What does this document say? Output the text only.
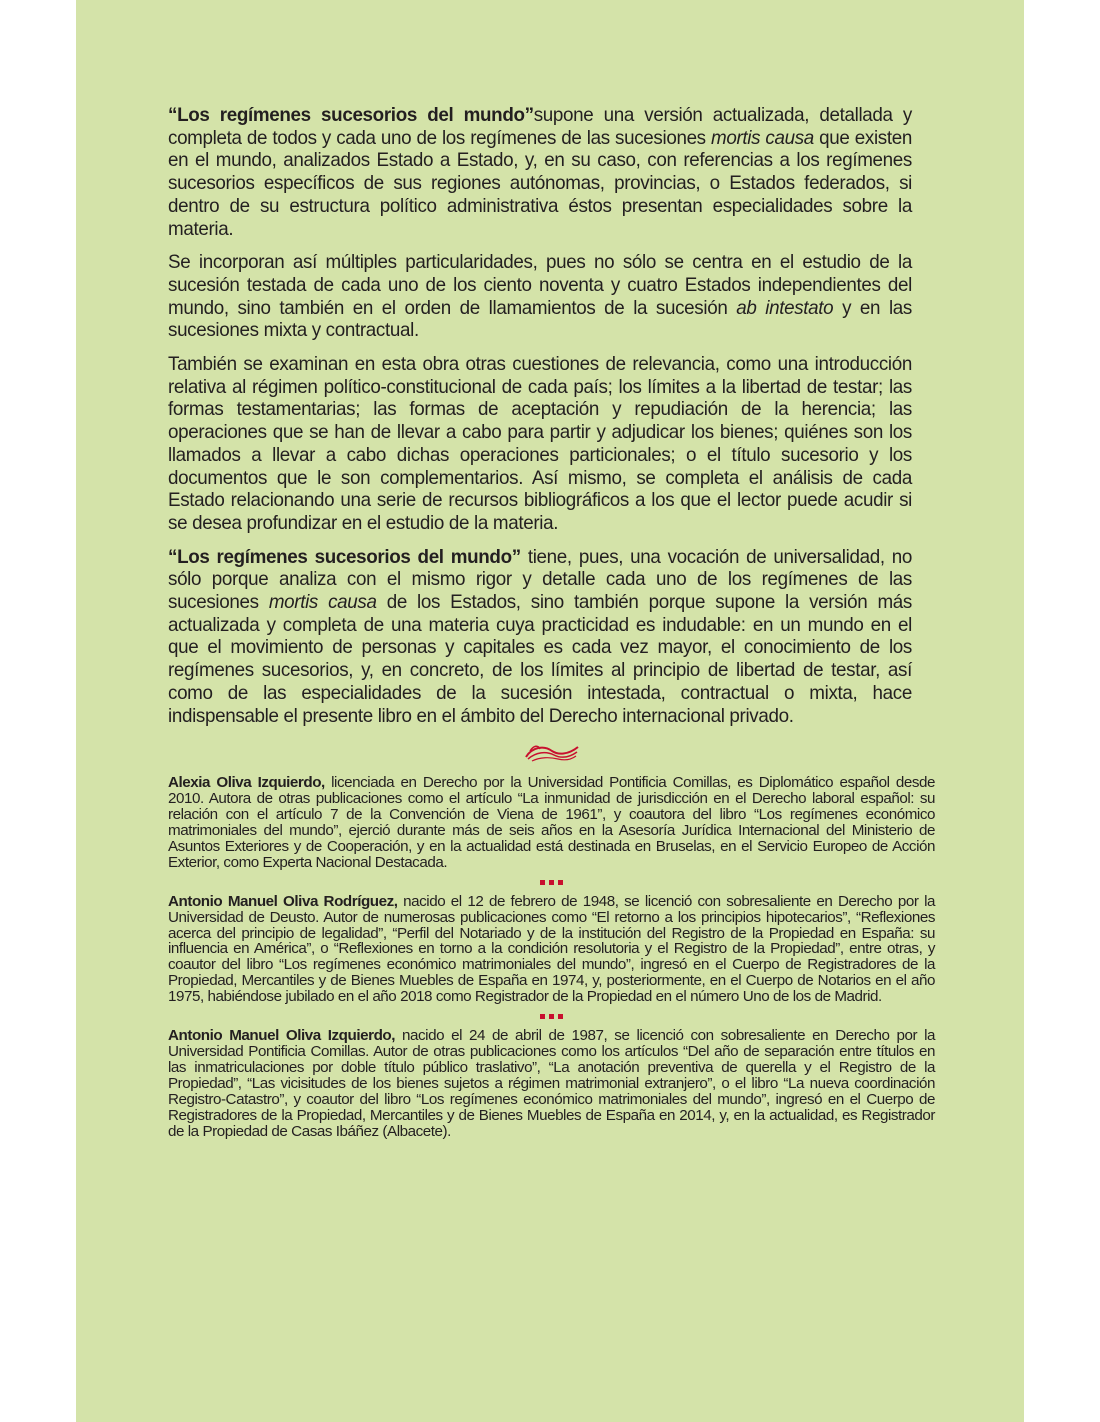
“Los regímenes sucesorios del mundo”supone una versión actualizada, detallada y completa de todos y cada uno de los regímenes de las sucesiones mortis causa que existen en el mundo, analizados Estado a Estado, y, en su caso, con referencias a los regímenes sucesorios específicos de sus regiones autónomas, provincias, o Estados federados, si dentro de su estructura político administrativa éstos presentan especialidades sobre la materia.

Se incorporan así múltiples particularidades, pues no sólo se centra en el estudio de la sucesión testada de cada uno de los ciento noventa y cuatro Estados independientes del mundo, sino también en el orden de llamamientos de la sucesión ab intestato y en las sucesiones mixta y contractual.

También se examinan en esta obra otras cuestiones de relevancia, como una introducción relativa al régimen político-constitucional de cada país; los límites a la libertad de testar; las formas testamentarias; las formas de aceptación y repudiación de la herencia; las operaciones que se han de llevar a cabo para partir y adjudicar los bienes; quiénes son los llamados a llevar a cabo dichas operaciones particionales; o el título sucesorio y los documentos que le son complementarios. Así mismo, se completa el análisis de cada Estado relacionando una serie de recursos bibliográficos a los que el lector puede acudir si se desea profundizar en el estudio de la materia.

“Los regímenes sucesorios del mundo” tiene, pues, una vocación de universalidad, no sólo porque analiza con el mismo rigor y detalle cada uno de los regímenes de las sucesiones mortis causa de los Estados, sino también porque supone la versión más actualizada y completa de una materia cuya practicidad es indudable: en un mundo en el que el movimiento de personas y capitales es cada vez mayor, el conocimiento de los regímenes sucesorios, y, en concreto, de los límites al principio de libertad de testar, así como de las especialidades de la sucesión intestada, contractual o mixta, hace indispensable el presente libro en el ámbito del Derecho internacional privado.

Alexia Oliva Izquierdo, licenciada en Derecho por la Universidad Pontificia Comillas, es Diplomático español desde 2010. Autora de otras publicaciones como el artículo “La inmunidad de jurisdicción en el Derecho laboral español: su relación con el artículo 7 de la Convención de Viena de 1961”, y coautora del libro “Los regímenes económico matrimoniales del mundo”, ejerció durante más de seis años en la Asesoría Jurídica Internacional del Ministerio de Asuntos Exteriores y de Cooperación, y en la actualidad está destinada en Bruselas, en el Servicio Europeo de Acción Exterior, como Experta Nacional Destacada.

Antonio Manuel Oliva Rodríguez, nacido el 12 de febrero de 1948, se licenció con sobresaliente en Derecho por la Universidad de Deusto. Autor de numerosas publicaciones como “El retorno a los principios hipotecarios”, “Reflexiones acerca del principio de legalidad”, “Perfil del Notariado y de la institución del Registro de la Propiedad en España: su influencia en América”, o “Reflexiones en torno a la condición resolutoria y el Registro de la Propiedad”, entre otras, y coautor del libro “Los regímenes económico matrimoniales del mundo”, ingresó en el Cuerpo de Registradores de la Propiedad, Mercantiles y de Bienes Muebles de España en 1974, y, posteriormente, en el Cuerpo de Notarios en el año 1975, habiéndose jubilado en el año 2018 como Registrador de la Propiedad en el número Uno de los de Madrid.

Antonio Manuel Oliva Izquierdo, nacido el 24 de abril de 1987, se licenció con sobresaliente en Derecho por la Universidad Pontificia Comillas. Autor de otras publicaciones como los artículos “Del año de separación entre títulos en las inmatriculaciones por doble título público traslativo”, “La anotación preventiva de querella y el Registro de la Propiedad”, “Las vicisitudes de los bienes sujetos a régimen matrimonial extranjero”, o el libro “La nueva coordinación Registro-Catastro”, y coautor del libro “Los regímenes económico matrimoniales del mundo”, ingresó en el Cuerpo de Registradores de la Propiedad, Mercantiles y de Bienes Muebles de España en 2014, y, en la actualidad, es Registrador de la Propiedad de Casas Ibáñez (Albacete).
